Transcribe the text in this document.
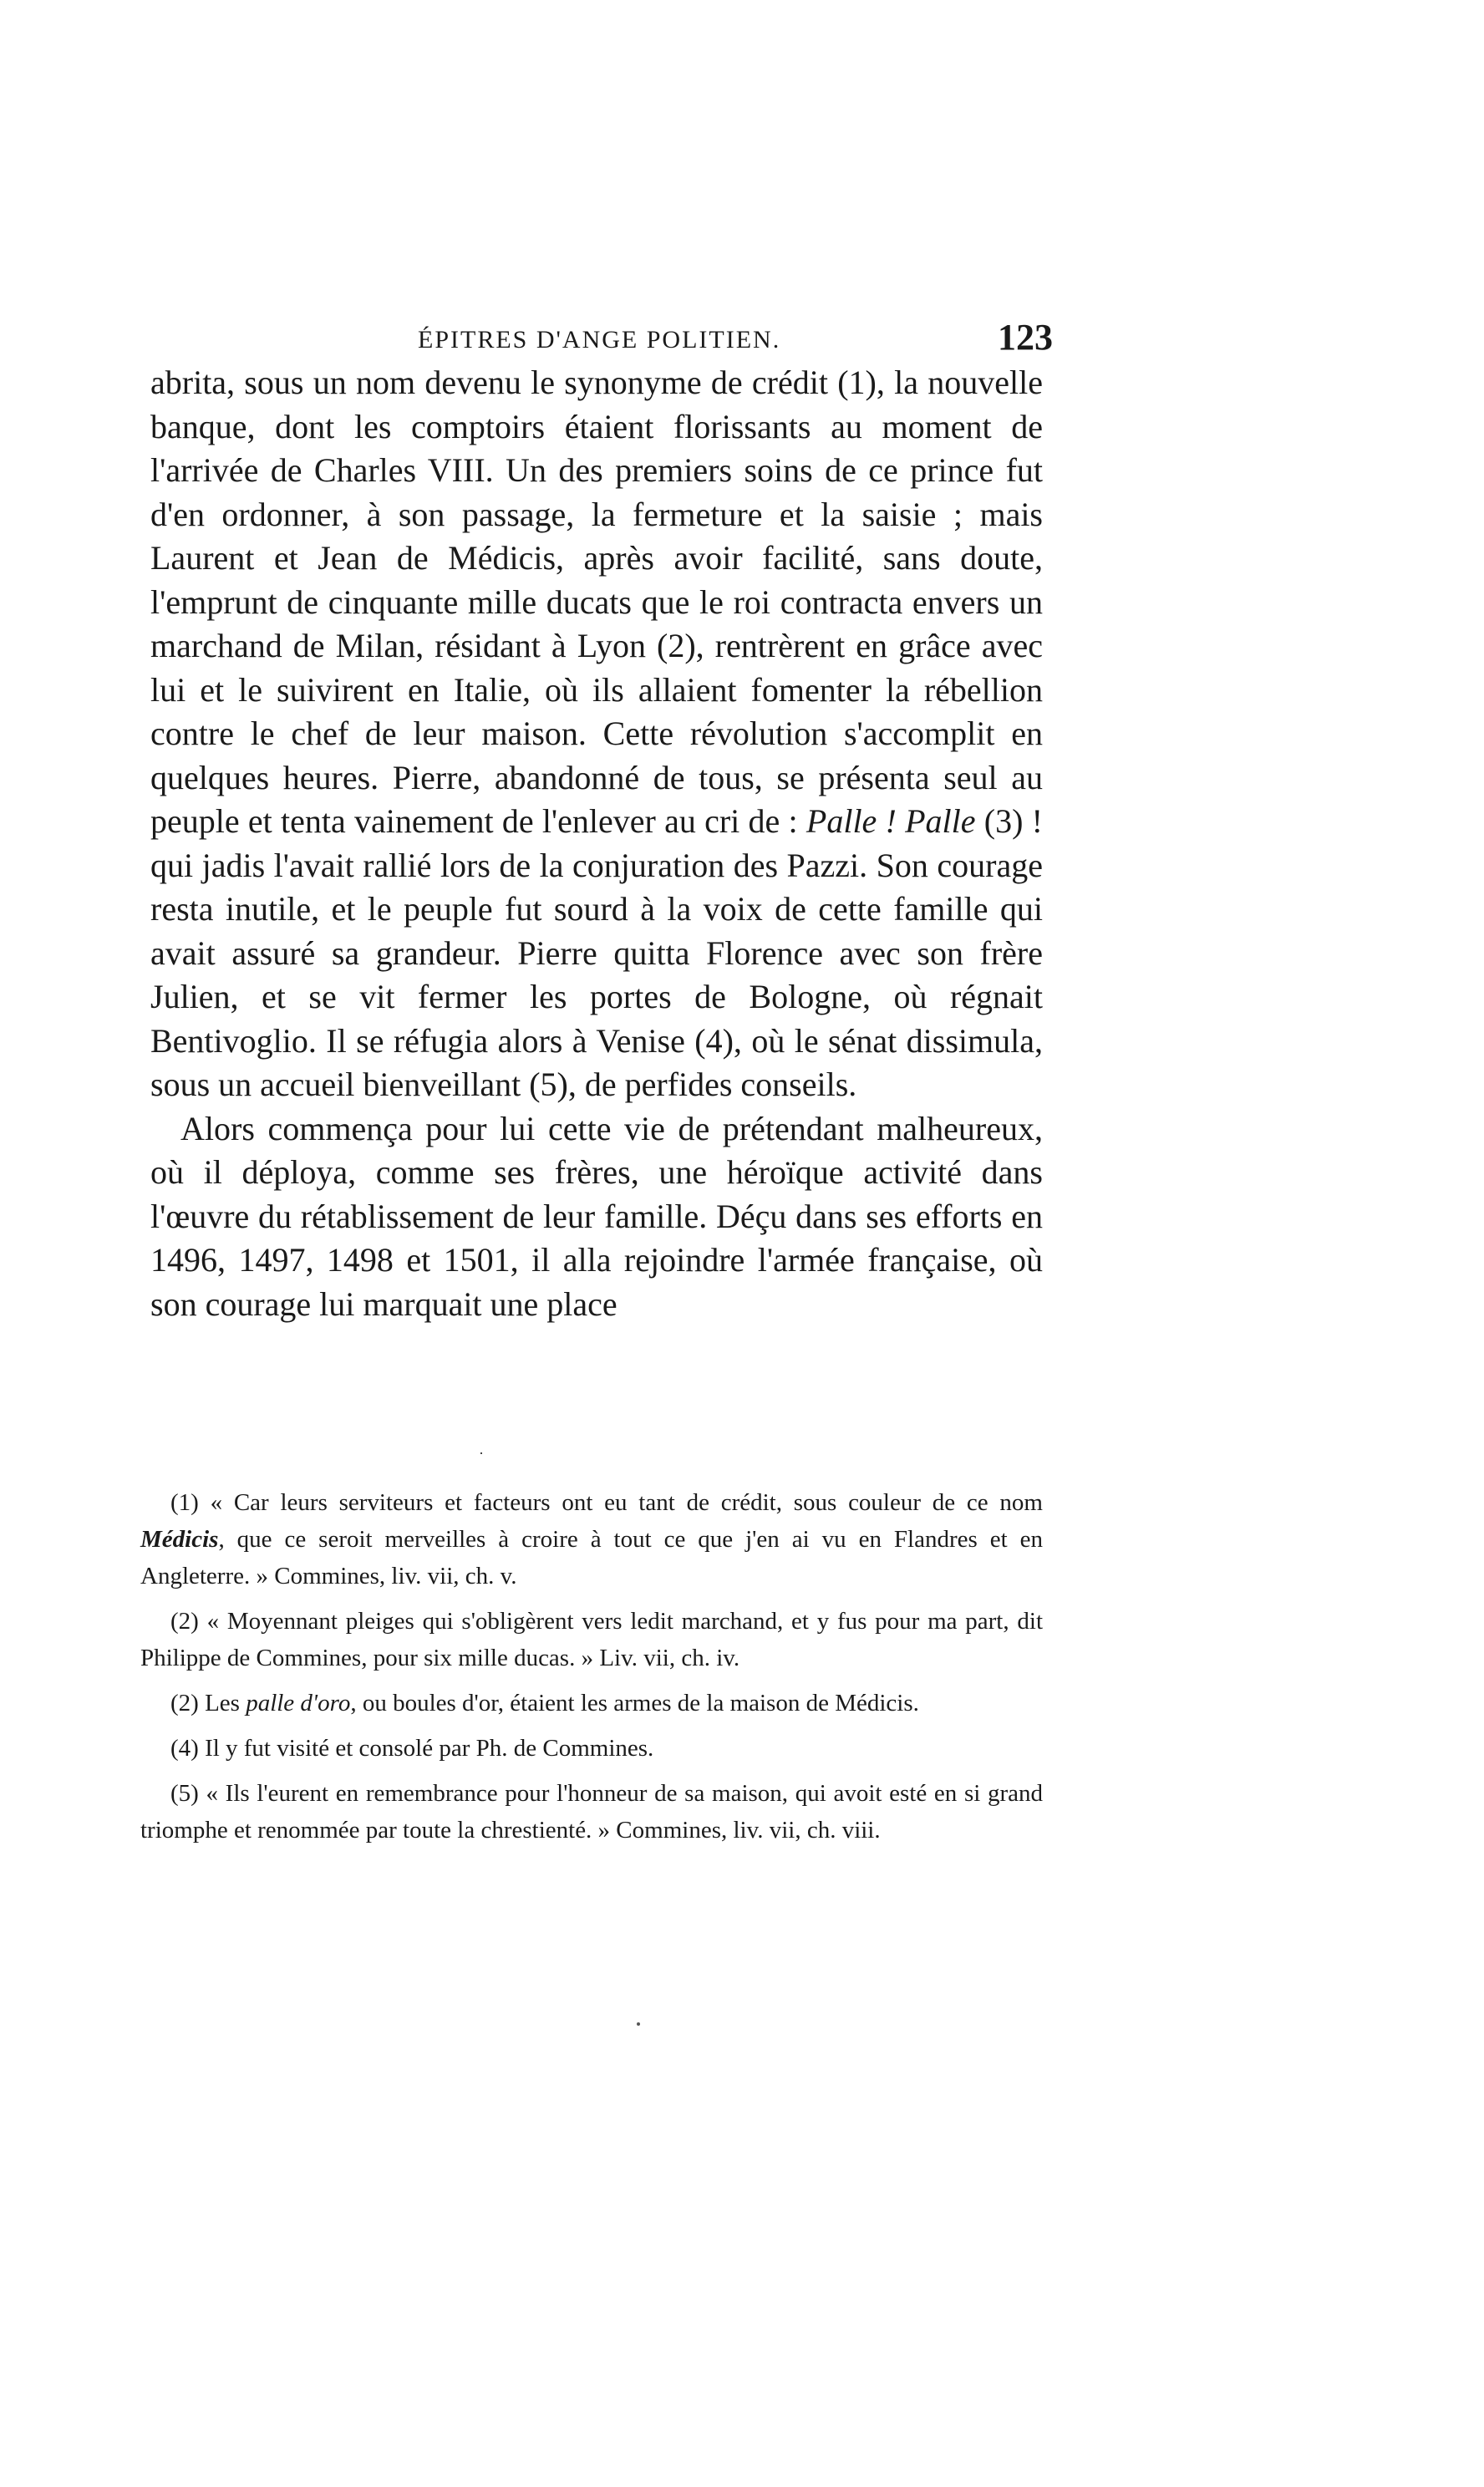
ÉPITRES D'ANGE POLITIEN.	123

abrita, sous un nom devenu le synonyme de crédit (1), la nouvelle banque, dont les comptoirs étaient florissants au moment de l'arrivée de Charles VIII. Un des premiers soins de ce prince fut d'en ordonner, à son passage, la fermeture et la saisie ; mais Laurent et Jean de Médicis, après avoir facilité, sans doute, l'emprunt de cinquante mille ducats que le roi contracta envers un marchand de Milan, résidant à Lyon (2), rentrèrent en grâce avec lui et le suivirent en Italie, où ils allaient fomenter la rébellion contre le chef de leur maison. Cette révolution s'accomplit en quelques heures. Pierre, abandonné de tous, se présenta seul au peuple et tenta vainement de l'enlever au cri de : Palle ! Palle (3) ! qui jadis l'avait rallié lors de la conjuration des Pazzi. Son courage resta inutile, et le peuple fut sourd à la voix de cette famille qui avait assuré sa grandeur. Pierre quitta Florence avec son frère Julien, et se vit fermer les portes de Bologne, où régnait Bentivoglio. Il se réfugia alors à Venise (4), où le sénat dissimula, sous un accueil bienveillant (5), de perfides conseils.

Alors commença pour lui cette vie de prétendant malheureux, où il déploya, comme ses frères, une héroïque activité dans l'œuvre du rétablissement de leur famille. Déçu dans ses efforts en 1496, 1497, 1498 et 1501, il alla rejoindre l'armée française, où son courage lui marquait une place

(1) « Car leurs serviteurs et facteurs ont eu tant de crédit, sous couleur de ce nom Médicis, que ce seroit merveilles à croire à tout ce que j'en ai vu en Flandres et en Angleterre. » Commines, liv. vii, ch. v.

(2) « Moyennant pleiges qui s'obligèrent vers ledit marchand, et y fus pour ma part, dit Philippe de Commines, pour six mille ducas. » Liv. vii, ch. iv.

(2) Les palle d'oro, ou boules d'or, étaient les armes de la maison de Médicis.

(4) Il y fut visité et consolé par Ph. de Commines.

(5) « Ils l'eurent en remembrance pour l'honneur de sa maison, qui avoit esté en si grand triomphe et renommée par toute la chrestienté. » Commines, liv. vii, ch. viii.
